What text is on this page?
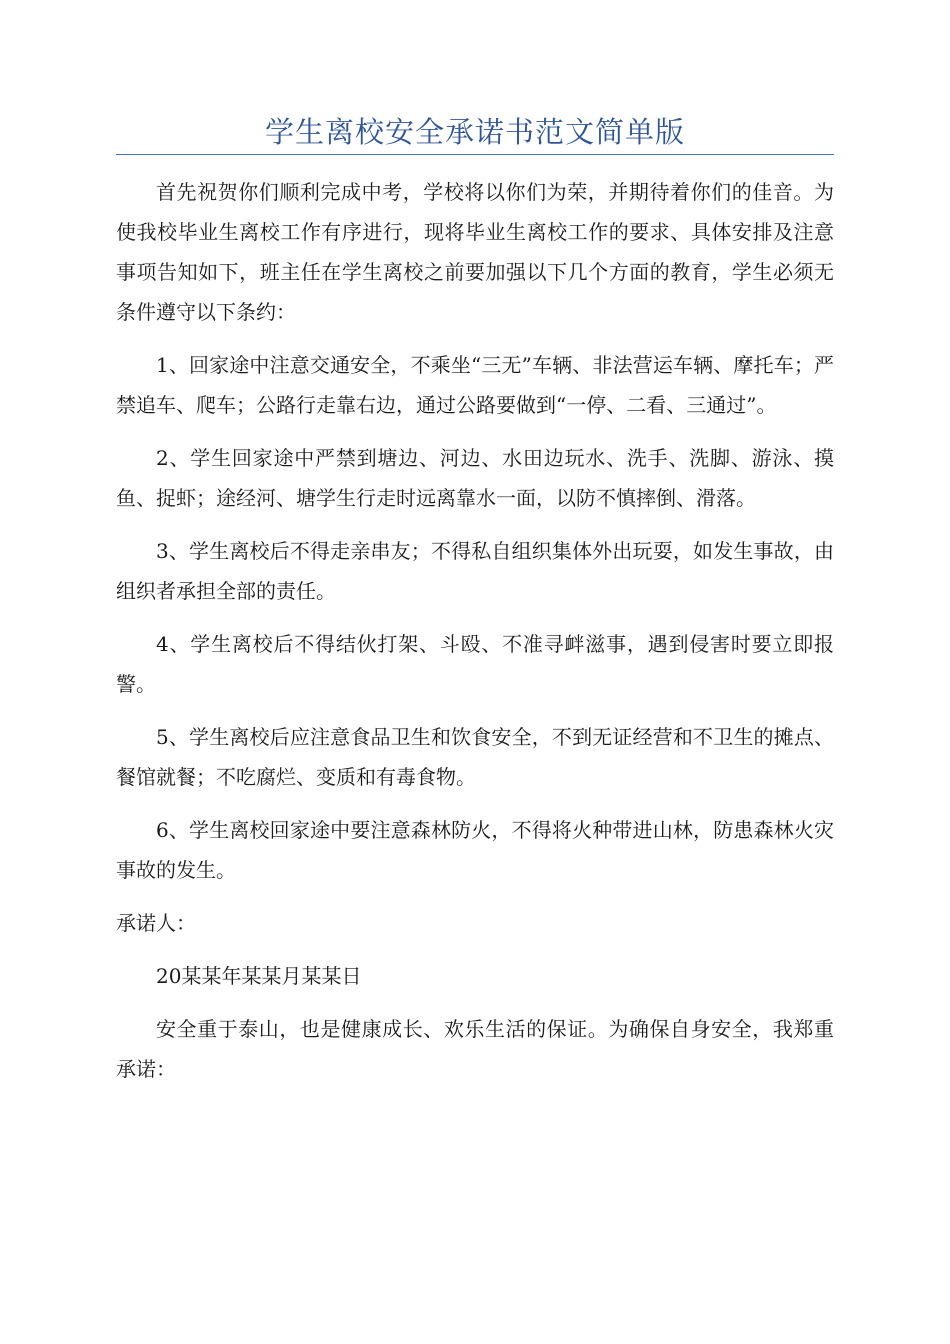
学生离校安全承诺书范文简单版

首先祝贺你们顺利完成中考，学校将以你们为荣，并期待着你们的佳音。为使我校毕业生离校工作有序进行，现将毕业生离校工作的要求、具体安排及注意事项告知如下，班主任在学生离校之前要加强以下几个方面的教育，学生必须无条件遵守以下条约：

1、回家途中注意交通安全，不乘坐“三无”车辆、非法营运车辆、摩托车；严禁追车、爬车；公路行走靠右边，通过公路要做到“一停、二看、三通过”。

2、学生回家途中严禁到塘边、河边、水田边玩水、洗手、洗脚、游泳、摸鱼、捉虾；途经河、塘学生行走时远离靠水一面，以防不慎摔倒、滑落。

3、学生离校后不得走亲串友；不得私自组织集体外出玩耍，如发生事故，由组织者承担全部的责任。

4、学生离校后不得结伙打架、斗殴、不准寻衅滋事，遇到侵害时要立即报警。

5、学生离校后应注意食品卫生和饮食安全，不到无证经营和不卫生的摊点、餐馆就餐；不吃腐烂、变质和有毒食物。

6、学生离校回家途中要注意森林防火，不得将火种带进山林，防患森林火灾事故的发生。

承诺人：

20某某年某某月某某日

安全重于泰山，也是健康成长、欢乐生活的保证。为确保自身安全，我郑重承诺：
